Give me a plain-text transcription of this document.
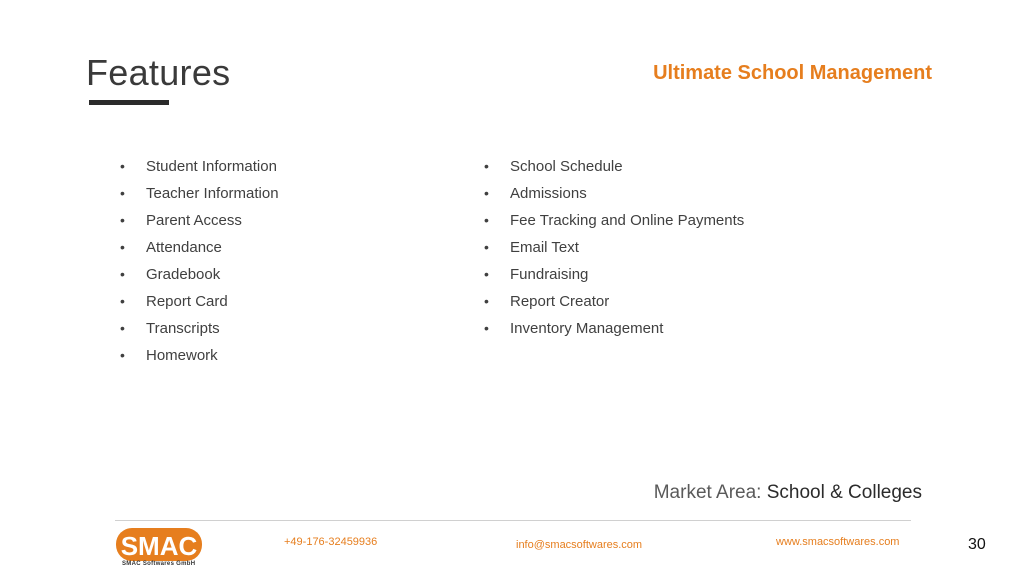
Features	Ultimate School Management
• Student Information
• Teacher Information
• Parent Access
• Attendance
• Gradebook
• Report Card
• Transcripts
• Homework
• School Schedule
• Admissions
• Fee Tracking and Online Payments
• Email Text
• Fundraising
• Report Creator
• Inventory Management
Market Area: School & Colleges
SMAC
SMAC Softwares GmbH
+49-176-32459936	info@smacsoftwares.com	www.smacsoftwares.com	30
